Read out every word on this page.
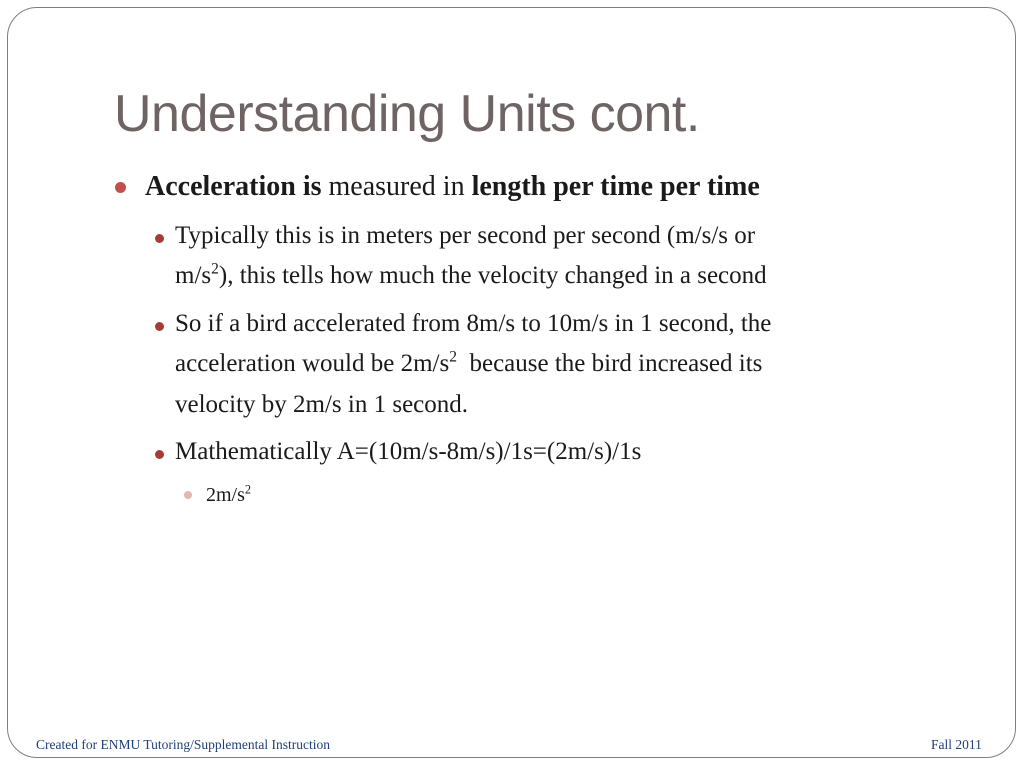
Understanding Units cont.
Acceleration is measured in length per time per time
Typically this is in meters per second per second (m/s/s or
$m/s^2$), this tells how much the velocity changed in a second
So if a bird accelerated from 8m/s to 10m/s in 1 second, the
acceleration would be $2m/s^2$  because the bird increased its
velocity by 2m/s in 1 second.
Mathematically A=(10m/s-8m/s)/1s=(2m/s)/1s
$2m/s^2$
Created for ENMU Tutoring/Supplemental Instruction	Fall 2011
